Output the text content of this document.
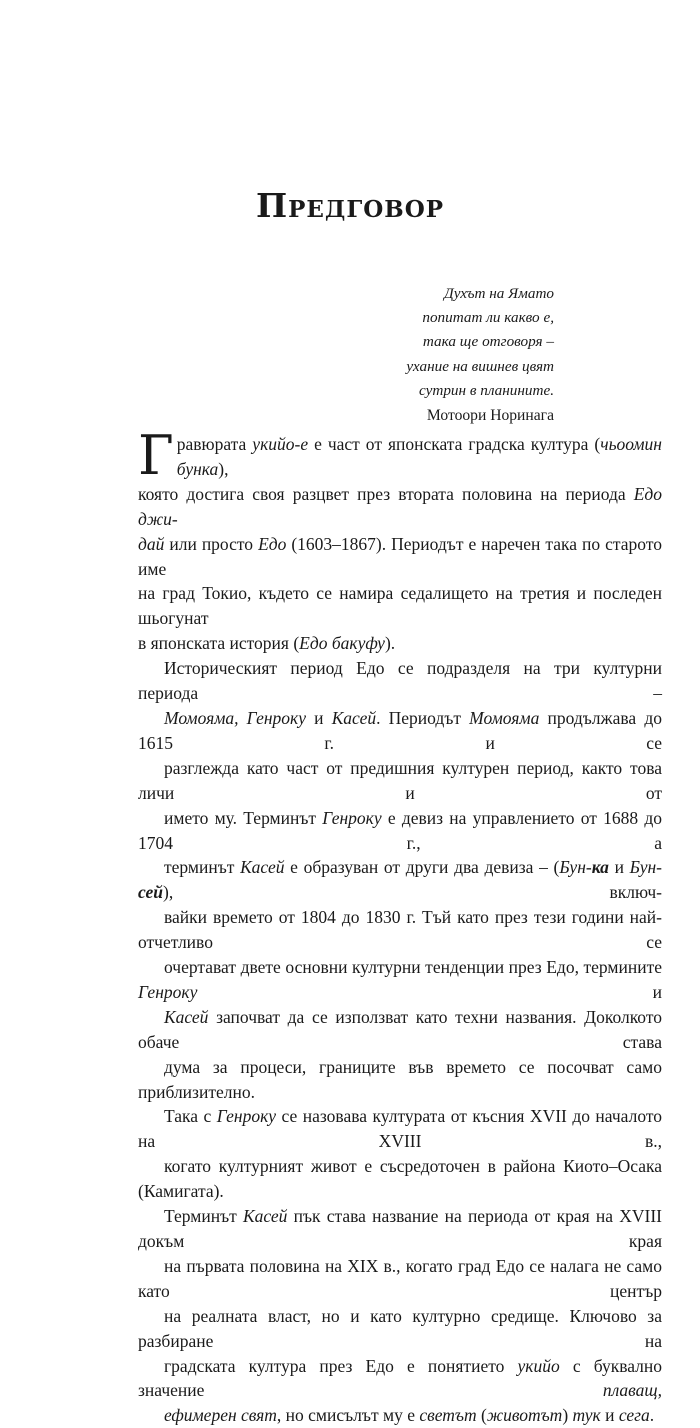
Предговор
Духът на Ямато
попитат ли какво е,
така ще отговоря –
ухание на вишнев цвят
сутрин в планините.
Мотоори Норинага

Г равюрата укийо-е е част от японската градска култура (чьоомин бунка),
която достига своя разцвет през втората половина на периода Едо джи-
дай или просто Едо (1603–1867). Периодът е наречен така по старото име
на град Токио, където се намира седалището на третия и последен шьогунат
в японската история (Едо бакуфу).

Историческият период Едо се подразделя на три културни периода –
Момояма, Генроку и Касей. Периодът Момояма продължава до 1615 г. и се
разглежда като част от предишния културен период, както това личи и от
името му. Терминът Генроку е девиз на управлението от 1688 до 1704 г., а
терминът Касей е образуван от други два девиза – (Бун-ка и Бун-сей), включ-
вайки времето от 1804 до 1830 г. Тъй като през тези години най-отчетливо се
очертават двете основни културни тенденции през Едо, термините Генроку и
Касей започват да се използват като техни названия. Доколкото обаче става
дума за процеси, границите във времето се посочват само приблизително.
Така с Генроку се назовава културата от късния XVII до началото на XVIII в.,
когато културният живот е съсредоточен в района Киото–Осака (Камигата).
Терминът Касей пък става название на периода от края на XVIII докъм края
на първата половина на XIX в., когато град Едо се налага не само като център
на реалната власт, но и като културно средище. Ключово за разбиране на
градската култура през Едо е понятието укийо с буквално значение плаващ,
ефимерен свят, но смисълът му е светът (животът) тук и сега.
